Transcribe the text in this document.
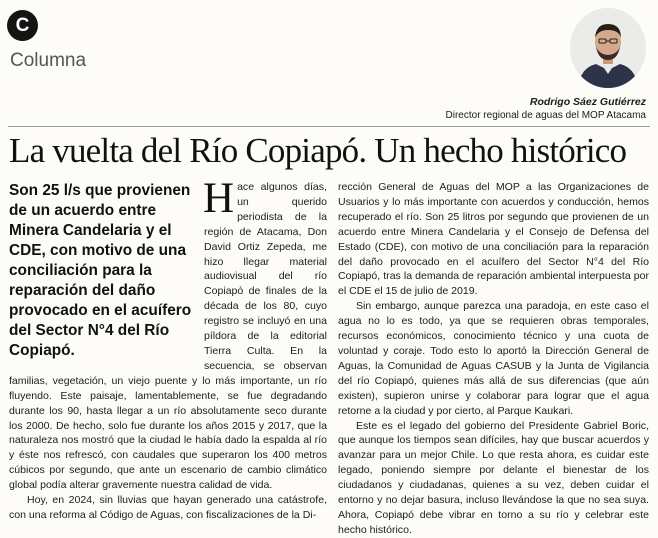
C
Columna
Rodrigo Sáez Gutiérrez
Director regional de aguas del MOP Atacama
La vuelta del Río Copiapó. Un hecho histórico
Son 25 l/s que provienen de un acuerdo entre Minera Candelaria y el CDE, con motivo de una conciliación para la reparación del daño provocado en el acuífero del Sector N°4 del Río Copiapó.

Hace algunos días, un querido periodista de la región de Atacama, Don David Ortiz Zepeda, me hizo llegar material audiovisual del río Copiapó de finales de la década de los 80, cuyo registro se incluyó en una píldora de la editorial Tierra Culta. En la secuencia, se observan familias, vegetación, un viejo puente y lo más importante, un río fluyendo. Este paisaje, lamentablemente, se fue degradando durante los 90, hasta llegar a un río absolutamente seco durante los 2000. De hecho, solo fue durante los años 2015 y 2017, que la naturaleza nos mostró que la ciudad le había dado la espalda al río y éste nos refrescó, con caudales que superaron los 400 metros cúbicos por segundo, que ante un escenario de cambio climático global podía alterar gravemente nuestra calidad de vida.

Hoy, en 2024, sin lluvias que hayan generado una catástrofe, con una reforma al Código de Aguas, con fiscalizaciones de la Di-

rección General de Aguas del MOP a las Organizaciones de Usuarios y lo más importante con acuerdos y conducción, hemos recuperado el río. Son 25 litros por segundo que provienen de un acuerdo entre Minera Candelaria y el Consejo de Defensa del Estado (CDE), con motivo de una conciliación para la reparación del daño provocado en el acuífero del Sector N°4 del Río Copiapó, tras la demanda de reparación ambiental interpuesta por el CDE el 15 de julio de 2019.

Sin embargo, aunque parezca una paradoja, en este caso el agua no lo es todo, ya que se requieren obras temporales, recursos económicos, conocimiento técnico y una cuota de voluntad y coraje. Todo esto lo aportó la Dirección General de Aguas, la Comunidad de Aguas CASUB y la Junta de Vigilancia del río Copiapó, quienes más allá de sus diferencias (que aún existen), supieron unirse y colaborar para lograr que el agua retorne a la ciudad y por cierto, al Parque Kaukari.

Este es el legado del gobierno del Presidente Gabriel Boric, que aunque los tiempos sean difíciles, hay que buscar acuerdos y avanzar para un mejor Chile. Lo que resta ahora, es cuidar este legado, poniendo siempre por delante el bienestar de los ciudadanos y ciudadanas, quienes a su vez, deben cuidar el entorno y no dejar basura, incluso llevándose la que no sea suya. Ahora, Copiapó debe vibrar en torno a su río y celebrar este hecho histórico.
